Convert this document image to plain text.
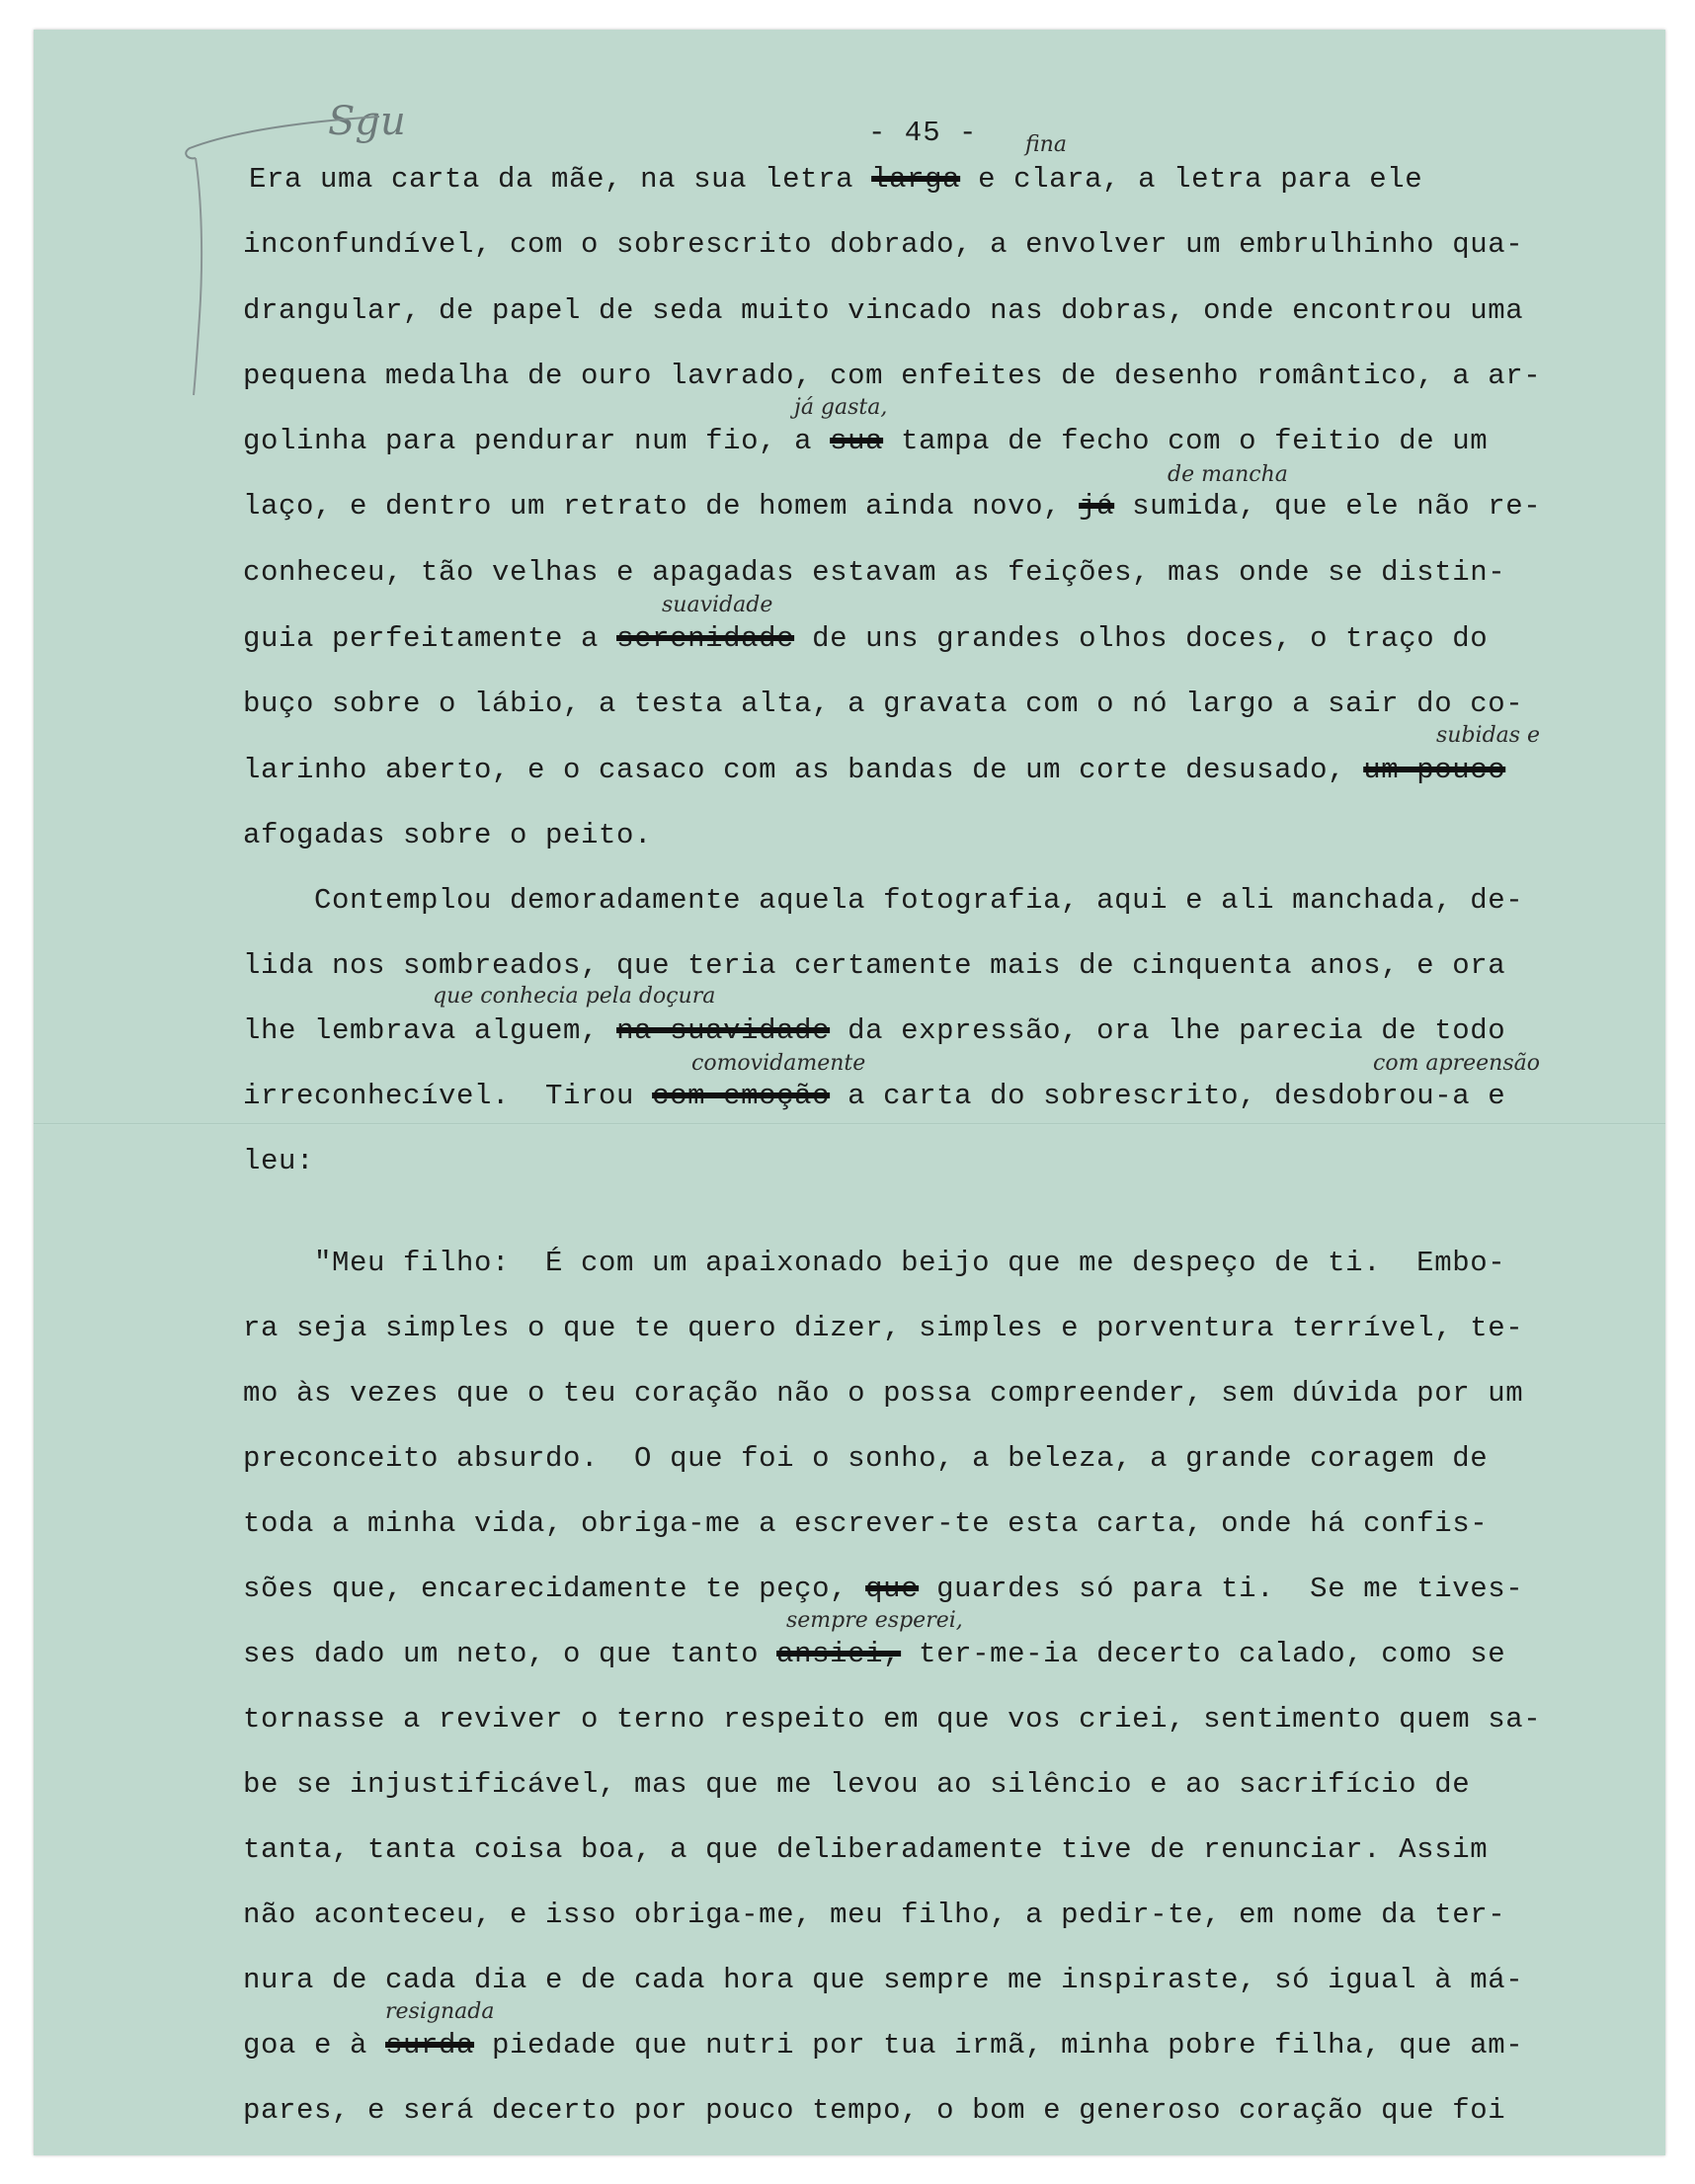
Sgu	- 45 -

Era uma carta da mãe, na sua letra larga e clara, a letra para ele

inconfundível, com o sobrescrito dobrado, a envolver um embrulhinho qua-

drangular, de papel de seda muito vincado nas dobras, onde encontrou uma

pequena medalha de ouro lavrado, com enfeites de desenho romântico, a ar-

golinha para pendurar num fio, a sua tampa de fecho com o feitio de um

laço, e dentro um retrato de homem ainda novo, já sumida, que ele não re-

conheceu, tão velhas e apagadas estavam as feições, mas onde se distin-

guia perfeitamente a serenidade de uns grandes olhos doces, o traço do

buço sobre o lábio, a testa alta, a gravata com o nó largo a sair do co-

larinho aberto, e o casaco com as bandas de um corte desusado, um pouco

afogadas sobre o peito.

Contemplou demoradamente aquela fotografia, aqui e ali manchada, de-

lida nos sombreados, que teria certamente mais de cinquenta anos, e ora

lhe lembrava alguem, na suavidade da expressão, ora lhe parecia de todo

irreconhecível.  Tirou com emoção a carta do sobrescrito, desdobrou-a e

leu:

"Meu filho:  É com um apaixonado beijo que me despeço de ti.  Embo-

ra seja simples o que te quero dizer, simples e porventura terrível, te-

mo às vezes que o teu coração não o possa compreender, sem dúvida por um

preconceito absurdo.  O que foi o sonho, a beleza, a grande coragem de

toda a minha vida, obriga-me a escrever-te esta carta, onde há confis-

sões que, encarecidamente te peço, que guardes só para ti.  Se me tives-

ses dado um neto, o que tanto ansiei, ter-me-ia decerto calado, como se

tornasse a reviver o terno respeito em que vos criei, sentimento quem sa-

be se injustificável, mas que me levou ao silêncio e ao sacrifício de

tanta, tanta coisa boa, a que deliberadamente tive de renunciar. Assim

não aconteceu, e isso obriga-me, meu filho, a pedir-te, em nome da ter-

nura de cada dia e de cada hora que sempre me inspiraste, só igual à má-

goa e à surda piedade que nutri por tua irmã, minha pobre filha, que am-

pares, e será decerto por pouco tempo, o bom e generoso coração que foi

fina
já gasta,
de mancha
suavidade
subidas e
que conhecia pela doçura
comovidamente	com apreensão
sempre esperei,
resignada
